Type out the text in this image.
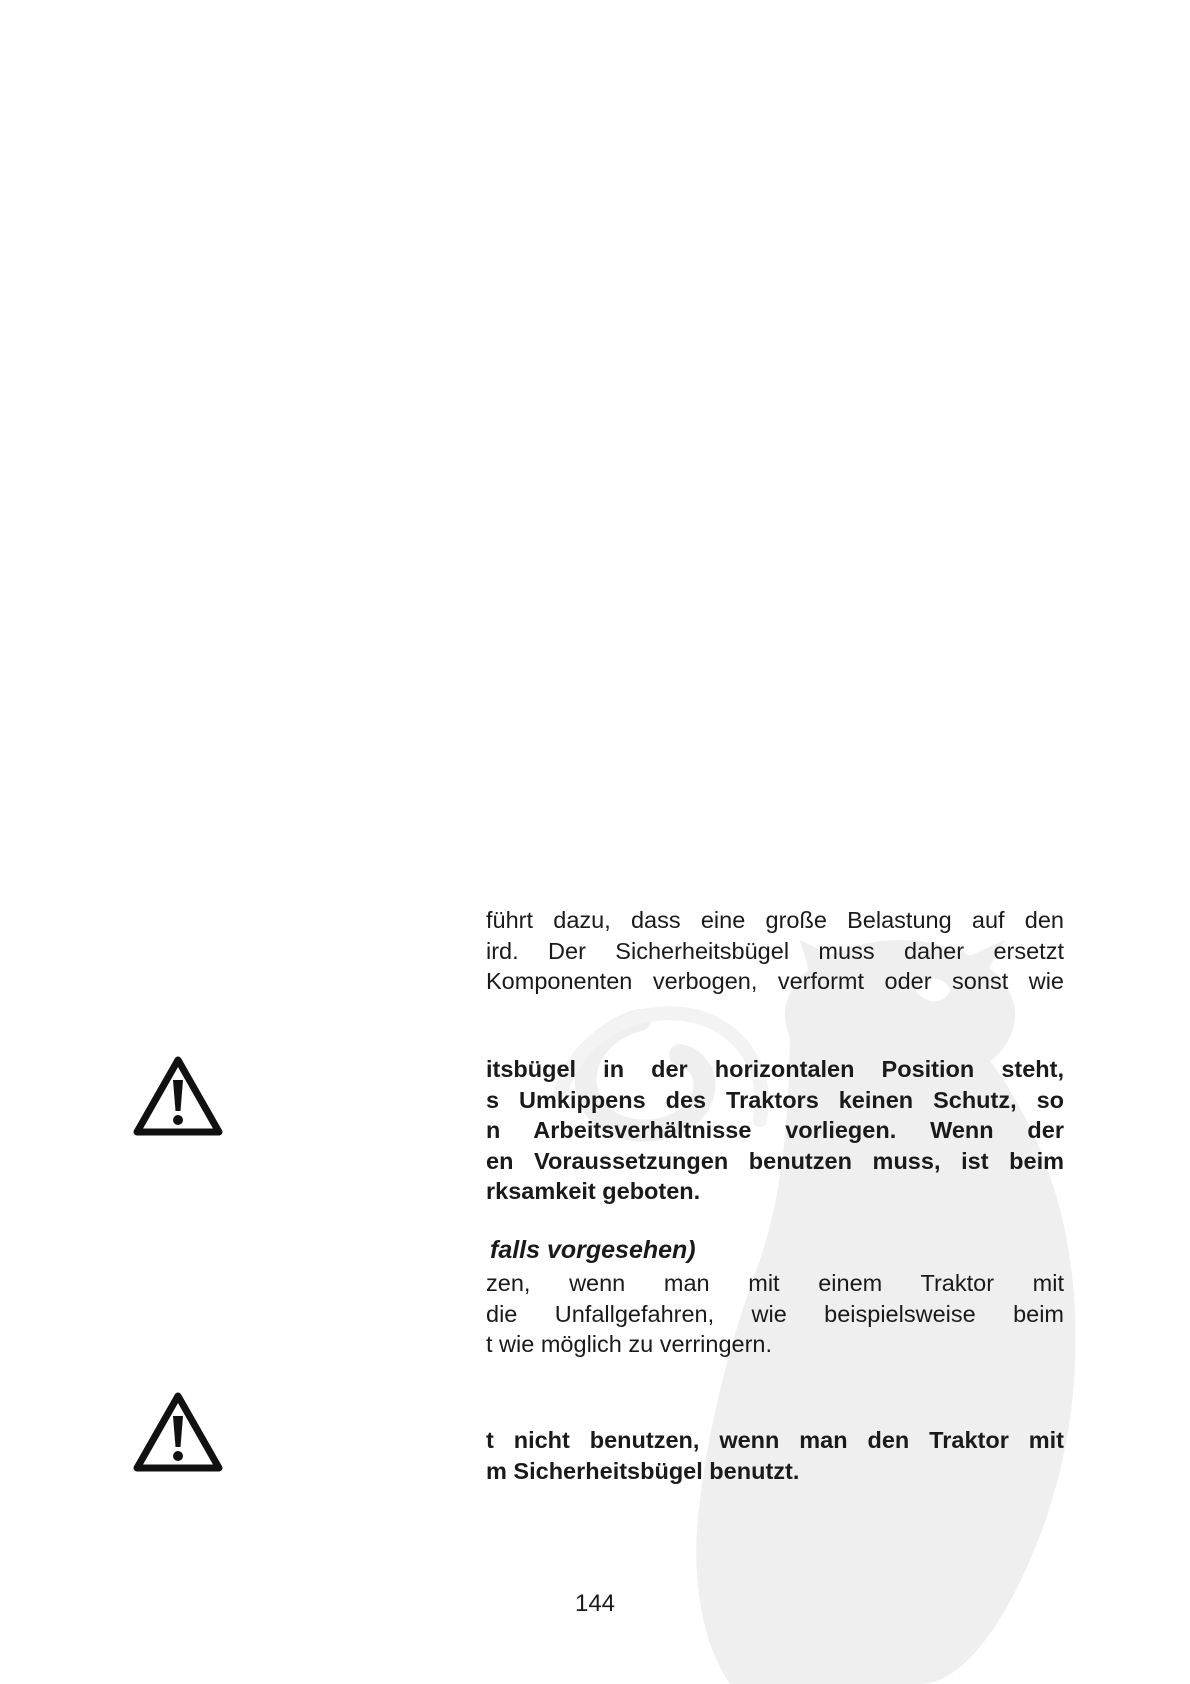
führt dazu, dass eine große Belastung auf den
ird. Der Sicherheitsbügel muss daher ersetzt
Komponenten verbogen, verformt oder sonst wie
itsbügel in der horizontalen Position steht,
s Umkippens des Traktors keinen Schutz, so
n Arbeitsverhältnisse vorliegen. Wenn der
en Voraussetzungen benutzen muss, ist beim
rksamkeit geboten.

falls vorgesehen)

zen, wenn man mit einem Traktor mit
die Unfallgefahren, wie beispielsweise beim
t wie möglich zu verringern.
t nicht benutzen, wenn man den Traktor mit
m Sicherheitsbügel benutzt.

144
